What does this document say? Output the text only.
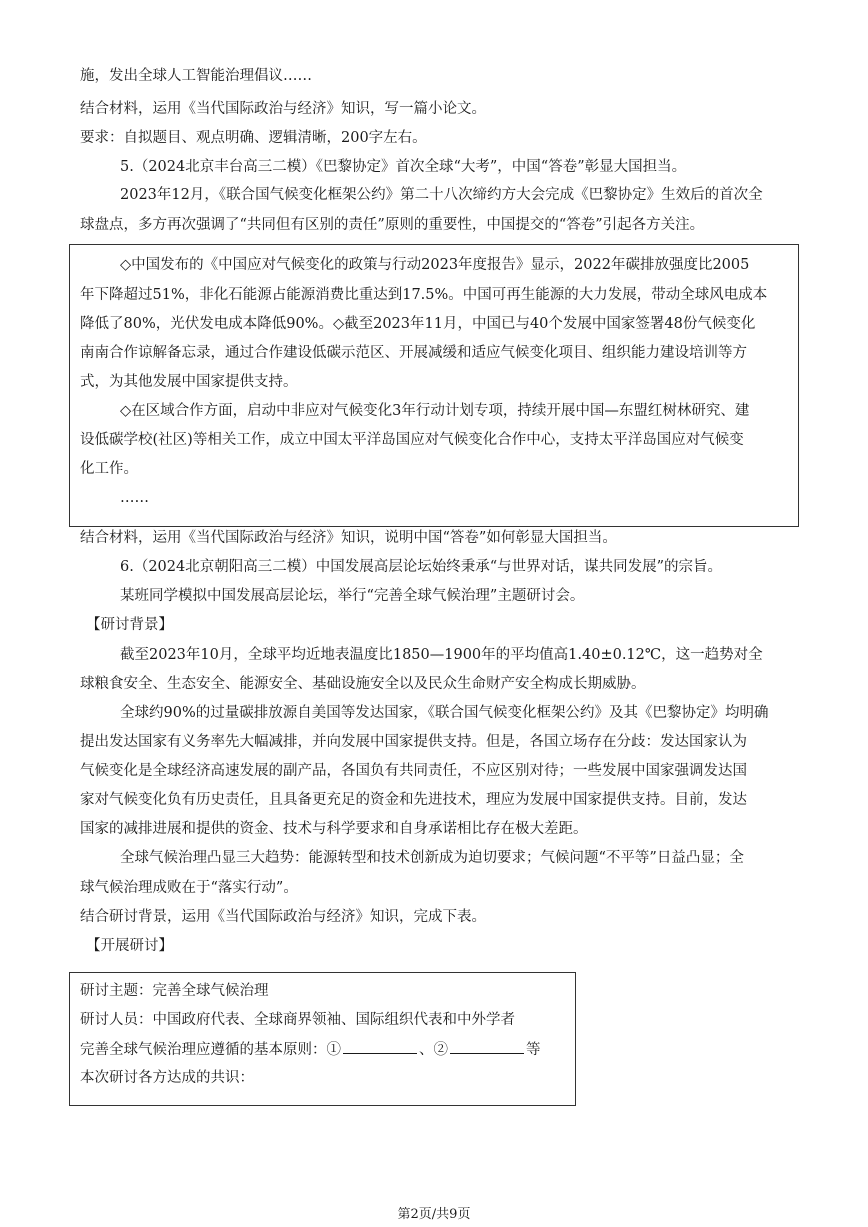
施，发出全球人工智能治理倡议……
结合材料，运用《当代国际政治与经济》知识，写一篇小论文。
要求：自拟题目、观点明确、逻辑清晰，200字左右。
5.（2024北京丰台高三二模）《巴黎协定》首次全球“大考”，中国“答卷”彰显大国担当。
2023年12月，《联合国气候变化框架公约》第二十八次缔约方大会完成《巴黎协定》生效后的首次全
球盘点，多方再次强调了“共同但有区别的责任”原则的重要性，中国提交的“答卷”引起各方关注。
◇中国发布的《中国应对气候变化的政策与行动2023年度报告》显示，2022年碳排放强度比2005
年下降超过51%，非化石能源占能源消费比重达到17.5%。中国可再生能源的大力发展，带动全球风电成本
降低了80%，光伏发电成本降低90%。◇截至2023年11月，中国已与40个发展中国家签署48份气候变化
南南合作谅解备忘录，通过合作建设低碳示范区、开展减缓和适应气候变化项目、组织能力建设培训等方
式，为其他发展中国家提供支持。
◇在区域合作方面，启动中非应对气候变化3年行动计划专项，持续开展中国—东盟红树林研究、建
设低碳学校(社区)等相关工作，成立中国太平洋岛国应对气候变化合作中心，支持太平洋岛国应对气候变
化工作。
……
结合材料，运用《当代国际政治与经济》知识，说明中国“答卷”如何彰显大国担当。
6.（2024北京朝阳高三二模）中国发展高层论坛始终秉承“与世界对话，谋共同发展”的宗旨。
某班同学模拟中国发展高层论坛，举行“完善全球气候治理”主题研讨会。
【研讨背景】
截至2023年10月，全球平均近地表温度比1850—1900年的平均值高1.40±0.12℃，这一趋势对全
球粮食安全、生态安全、能源安全、基础设施安全以及民众生命财产安全构成长期威胁。
全球约90%的过量碳排放源自美国等发达国家，《联合国气候变化框架公约》及其《巴黎协定》均明确
提出发达国家有义务率先大幅减排，并向发展中国家提供支持。但是，各国立场存在分歧：发达国家认为
气候变化是全球经济高速发展的副产品，各国负有共同责任，不应区别对待；一些发展中国家强调发达国
家对气候变化负有历史责任，且具备更充足的资金和先进技术，理应为发展中国家提供支持。目前，发达
国家的减排进展和提供的资金、技术与科学要求和自身承诺相比存在极大差距。
全球气候治理凸显三大趋势：能源转型和技术创新成为迫切要求；气候问题“不平等”日益凸显；全
球气候治理成败在于“落实行动”。
结合研讨背景，运用《当代国际政治与经济》知识，完成下表。
【开展研讨】
研讨主题：完善全球气候治理
研讨人员：中国政府代表、全球商界领袖、国际组织代表和中外学者
完善全球气候治理应遵循的基本原则：①	、②	等
本次研讨各方达成的共识：
第2页/共9页
